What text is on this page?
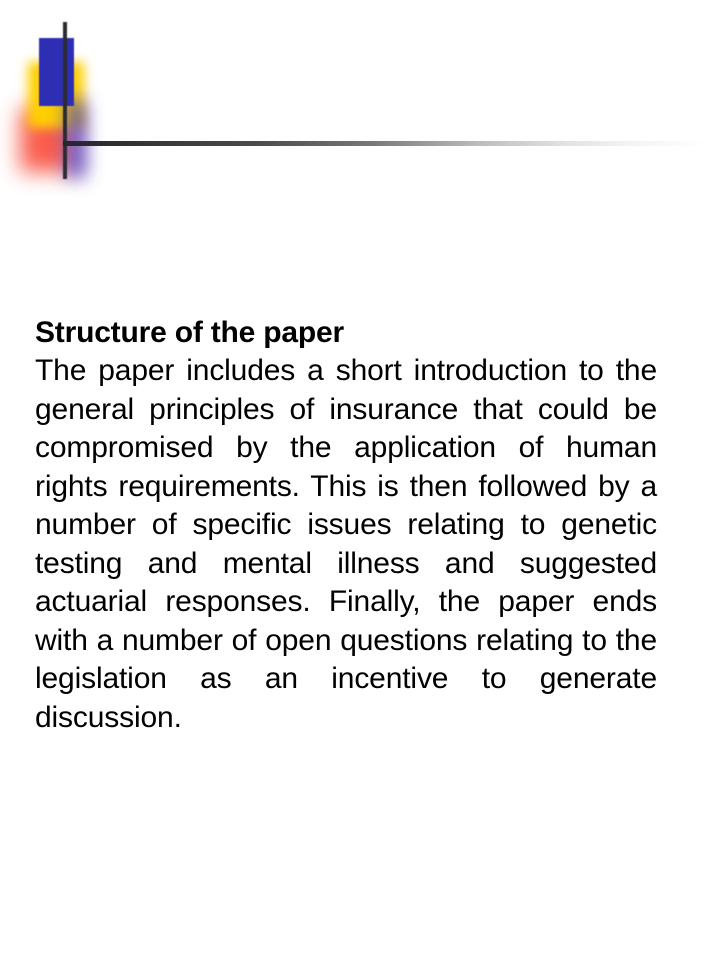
Structure of the paper

The paper includes a short introduction to the general principles of insurance that could be compromised by the application of human rights requirements. This is then followed by a number of specific issues relating to genetic testing and mental illness and suggested actuarial responses. Finally, the paper ends with a number of open questions relating to the legislation as an incentive to generate discussion.
